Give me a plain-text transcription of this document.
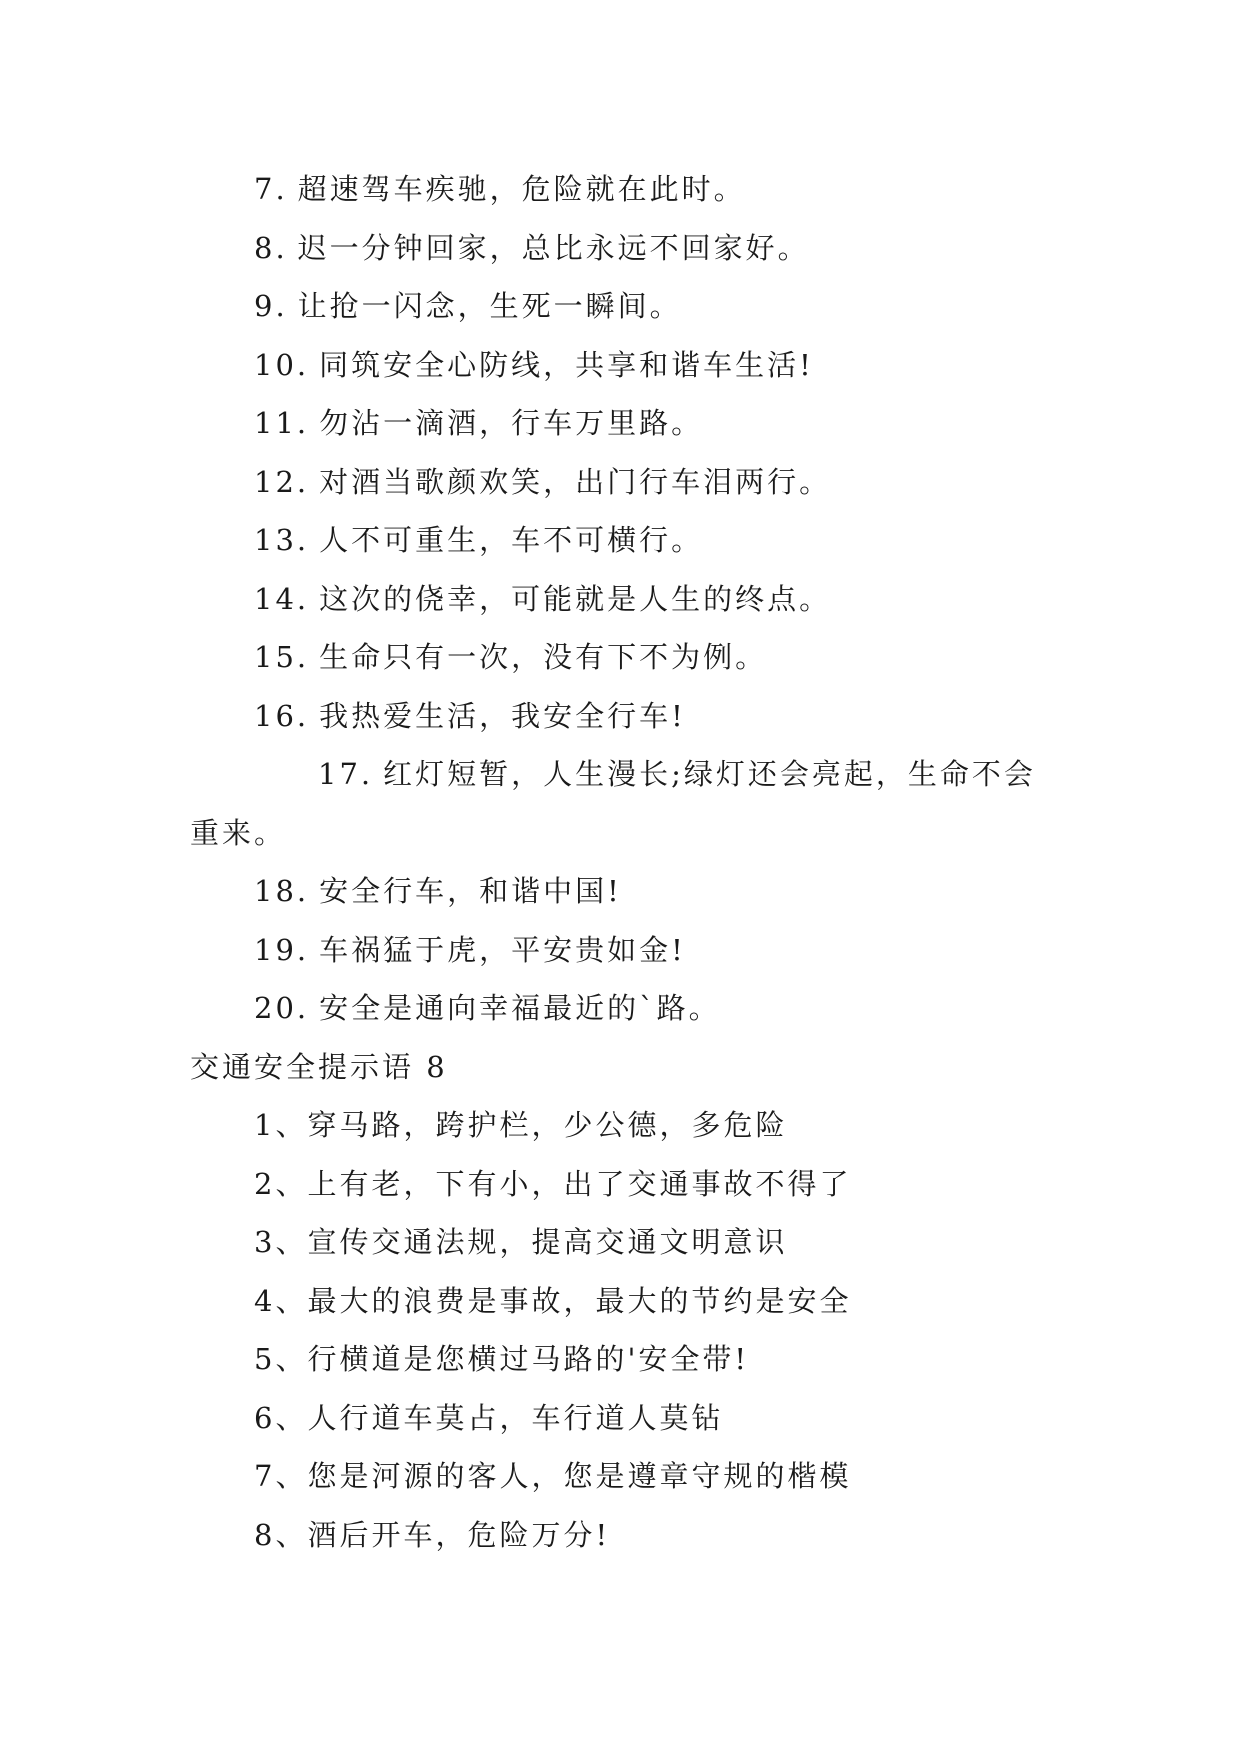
7. 超速驾车疾驰，危险就在此时。
8. 迟一分钟回家，总比永远不回家好。
9. 让抢一闪念，生死一瞬间。
10. 同筑安全心防线，共享和谐车生活!
11. 勿沾一滴酒，行车万里路。
12. 对酒当歌颜欢笑，出门行车泪两行。
13. 人不可重生，车不可横行。
14. 这次的侥幸，可能就是人生的终点。
15. 生命只有一次，没有下不为例。
16. 我热爱生活，我安全行车!
17. 红灯短暂，人生漫长;绿灯还会亮起，生命不会重来。
18. 安全行车，和谐中国!
19. 车祸猛于虎，平安贵如金!
20. 安全是通向幸福最近的`路。
交通安全提示语 8
1、穿马路，跨护栏，少公德，多危险
2、上有老，下有小，出了交通事故不得了
3、宣传交通法规，提高交通文明意识
4、最大的浪费是事故，最大的节约是安全
5、行横道是您横过马路的'安全带!
6、人行道车莫占，车行道人莫钻
7、您是河源的客人，您是遵章守规的楷模
8、酒后开车，危险万分!
